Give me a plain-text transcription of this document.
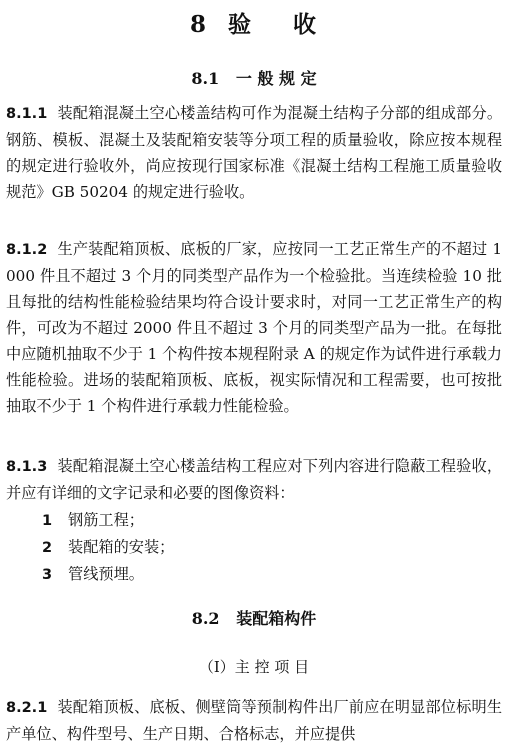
8  验    收
8.1   一 般 规 定
8.1.1 装配箱混凝土空心楼盖结构可作为混凝土结构子分部的组成部分。钢筋、模板、混凝土及装配箱安装等分项工程的质量验收，除应按本规程的规定进行验收外，尚应按现行国家标准《混凝土结构工程施工质量验收规范》GB 50204 的规定进行验收。
8.1.2 生产装配箱顶板、底板的厂家，应按同一工艺正常生产的不超过 1000 件且不超过 3 个月的同类型产品作为一个检验批。当连续检验 10 批且每批的结构性能检验结果均符合设计要求时，对同一工艺正常生产的构件，可改为不超过 2000 件且不超过 3 个月的同类型产品为一批。在每批中应随机抽取不少于 1 个构件按本规程附录 A 的规定作为试件进行承载力性能检验。进场的装配箱顶板、底板，视实际情况和工程需要，也可按批抽取不少于 1 个构件进行承载力性能检验。
8.1.3 装配箱混凝土空心楼盖结构工程应对下列内容进行隐蔽工程验收，并应有详细的文字记录和必要的图像资料：
1 钢筋工程；
2 装配箱的安装；
3 管线预埋。
8.2   装配箱构件
（Ⅰ）主 控 项 目
8.2.1 装配箱顶板、底板、侧壁筒等预制构件出厂前应在明显部位标明生产单位、构件型号、生产日期、合格标志，并应提供
